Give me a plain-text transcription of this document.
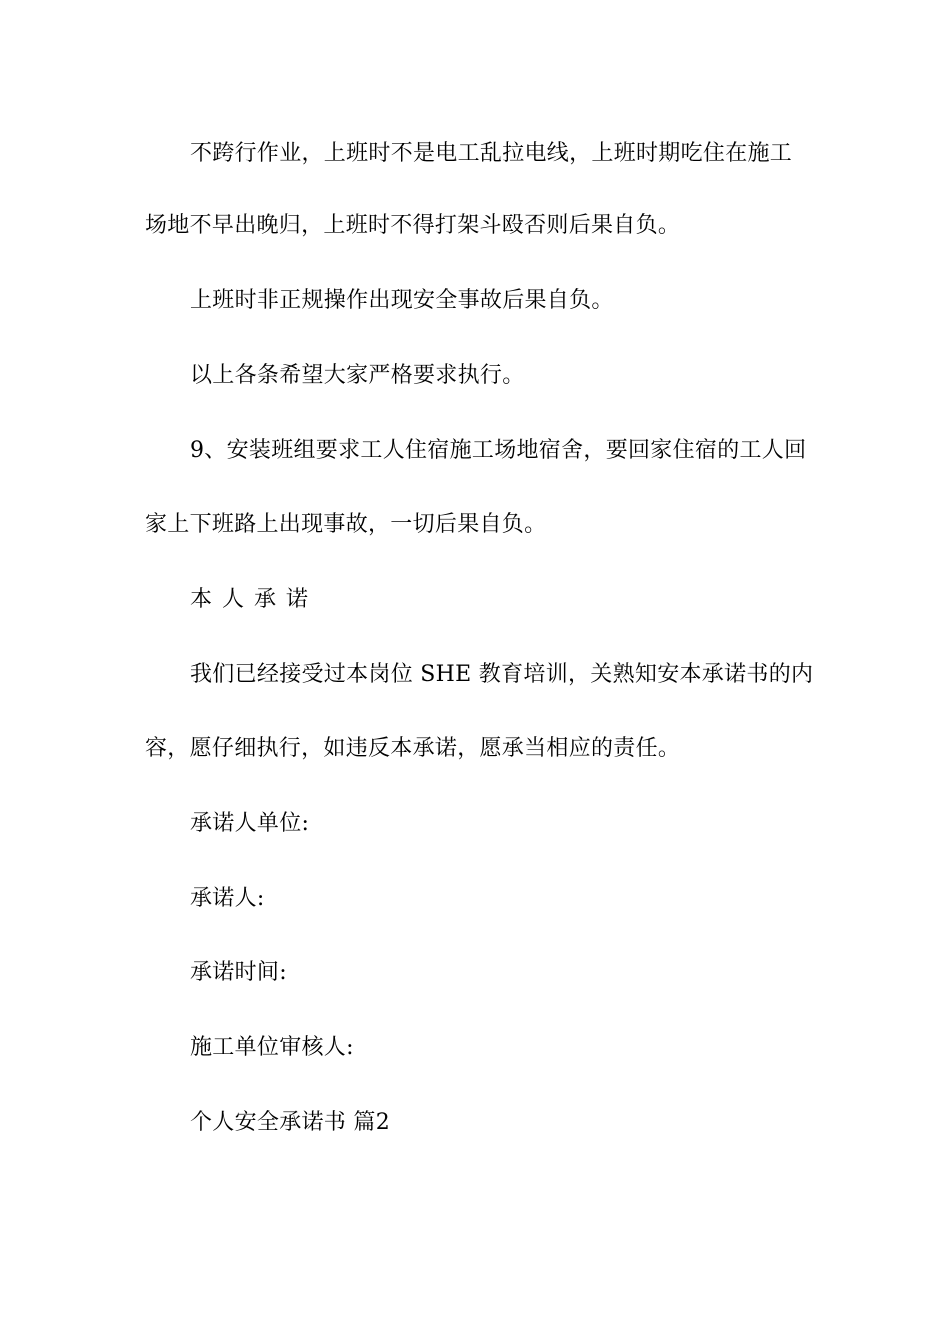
不跨行作业，上班时不是电工乱拉电线，上班时期吃住在施工
场地不早出晚归，上班时不得打架斗殴否则后果自负。
上班时非正规操作出现安全事故后果自负。
以上各条希望大家严格要求执行。
9、安装班组要求工人住宿施工场地宿舍，要回家住宿的工人回
家上下班路上出现事故，一切后果自负。
本人承诺
我们已经接受过本岗位 SHE 教育培训，关熟知安本承诺书的内
容，愿仔细执行，如违反本承诺，愿承当相应的责任。
承诺人单位:
承诺人:
承诺时间:
施工单位审核人:
个人安全承诺书 篇2
